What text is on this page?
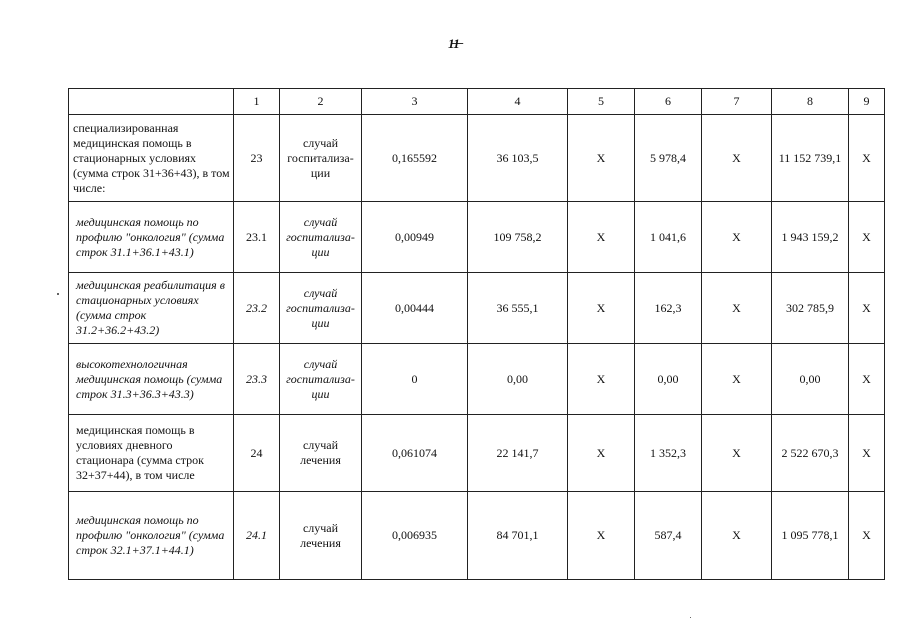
1̶1̶
	1	2	3	4	5	6	7	8	9
специализированная медицинская помощь в стационарных условиях (сумма строк 31+36+43), в том числе:	23	случай госпитализа-ции	0,165592	36 103,5	X	5 978,4	X	11 152 739,1	X
медицинская помощь по профилю "онкология" (сумма строк 31.1+36.1+43.1)	23.1	случай госпитализа-ции	0,00949	109 758,2	X	1 041,6	X	1 943 159,2	X
медицинская реабилитация в стационарных условиях (сумма строк 31.2+36.2+43.2)	23.2	случай госпитализа-ции	0,00444	36 555,1	X	162,3	X	302 785,9	X
высокотехнологичная медицинская помощь (сумма строк 31.3+36.3+43.3)	23.3	случай госпитализа-ции	0	0,00	X	0,00	X	0,00	X
медицинская помощь в условиях дневного стационара (сумма строк 32+37+44), в том числе	24	случай лечения	0,061074	22 141,7	X	1 352,3	X	2 522 670,3	X
медицинская помощь по профилю "онкология" (сумма строк 32.1+37.1+44.1)	24.1	случай лечения	0,006935	84 701,1	X	587,4	X	1 095 778,1	X
